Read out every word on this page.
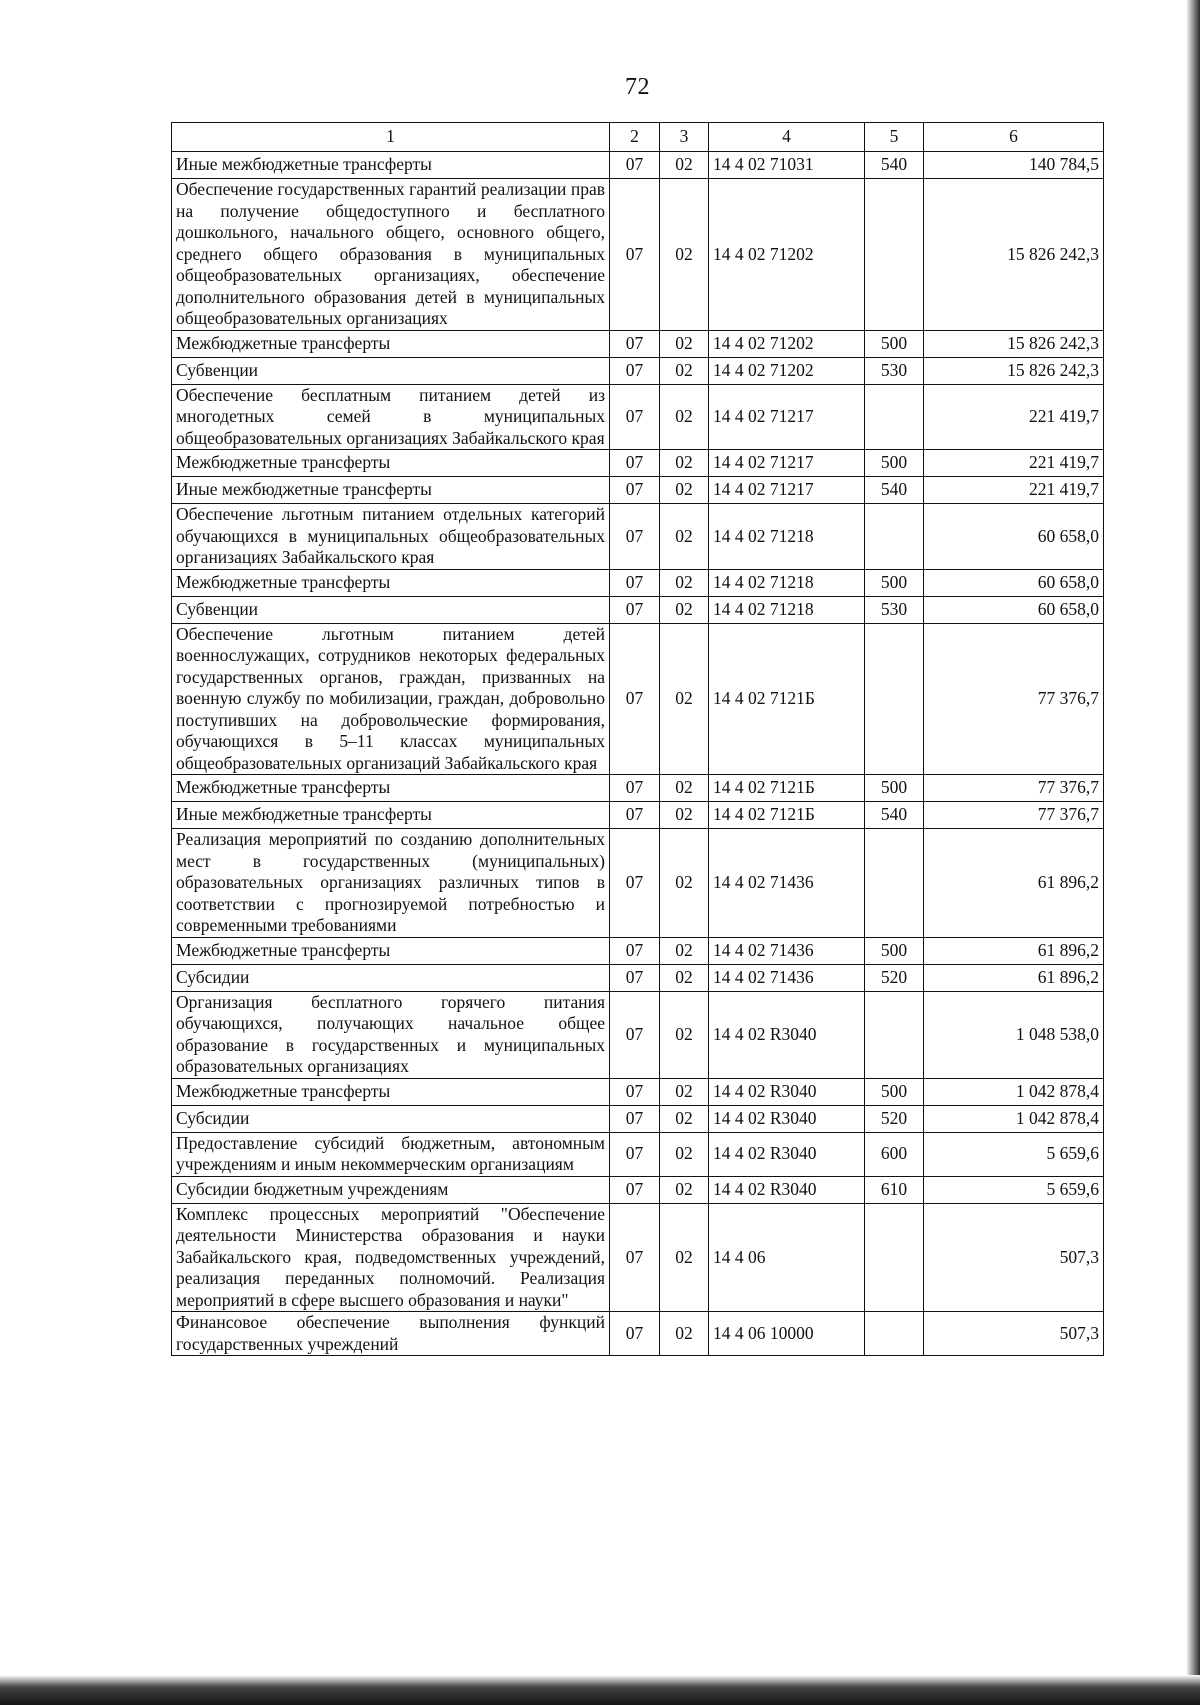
72
1	2	3	4	5	6
Иные межбюджетные трансферты	07	02	14 4 02 71031	540	140 784,5
Обеспечение государственных гарантий реализации прав на получение общедоступного и бесплатного дошкольного, начального общего, основного общего, среднего общего образования в муниципальных общеобразовательных организациях, обеспечение дополнительного образования детей в муниципальных общеобразовательных организациях	07	02	14 4 02 71202		15 826 242,3
Межбюджетные трансферты	07	02	14 4 02 71202	500	15 826 242,3
Субвенции	07	02	14 4 02 71202	530	15 826 242,3
Обеспечение бесплатным питанием детей из многодетных семей в муниципальных общеобразовательных организациях Забайкальского края	07	02	14 4 02 71217		221 419,7
Межбюджетные трансферты	07	02	14 4 02 71217	500	221 419,7
Иные межбюджетные трансферты	07	02	14 4 02 71217	540	221 419,7
Обеспечение льготным питанием отдельных категорий обучающихся в муниципальных общеобразовательных организациях Забайкальского края	07	02	14 4 02 71218		60 658,0
Межбюджетные трансферты	07	02	14 4 02 71218	500	60 658,0
Субвенции	07	02	14 4 02 71218	530	60 658,0
Обеспечение льготным питанием детей военнослужащих, сотрудников некоторых федеральных государственных органов, граждан, призванных на военную службу по мобилизации, граждан, добровольно поступивших на добровольческие формирования, обучающихся в 5–11 классах муниципальных общеобразовательных организаций Забайкальского края	07	02	14 4 02 7121Б		77 376,7
Межбюджетные трансферты	07	02	14 4 02 7121Б	500	77 376,7
Иные межбюджетные трансферты	07	02	14 4 02 7121Б	540	77 376,7
Реализация мероприятий по созданию дополнительных мест в государственных (муниципальных) образовательных организациях различных типов в соответствии с прогнозируемой потребностью и современными требованиями	07	02	14 4 02 71436		61 896,2
Межбюджетные трансферты	07	02	14 4 02 71436	500	61 896,2
Субсидии	07	02	14 4 02 71436	520	61 896,2
Организация бесплатного горячего питания обучающихся, получающих начальное общее образование в государственных и муниципальных образовательных организациях	07	02	14 4 02 R3040		1 048 538,0
Межбюджетные трансферты	07	02	14 4 02 R3040	500	1 042 878,4
Субсидии	07	02	14 4 02 R3040	520	1 042 878,4
Предоставление субсидий бюджетным, автономным учреждениям и иным некоммерческим организациям	07	02	14 4 02 R3040	600	5 659,6
Субсидии бюджетным учреждениям	07	02	14 4 02 R3040	610	5 659,6
Комплекс процессных мероприятий "Обеспечение деятельности Министерства образования и науки Забайкальского края, подведомственных учреждений, реализация переданных полномочий. Реализация мероприятий в сфере высшего образования и науки"	07	02	14 4 06		507,3
Финансовое обеспечение выполнения функций государственных учреждений	07	02	14 4 06 10000		507,3
